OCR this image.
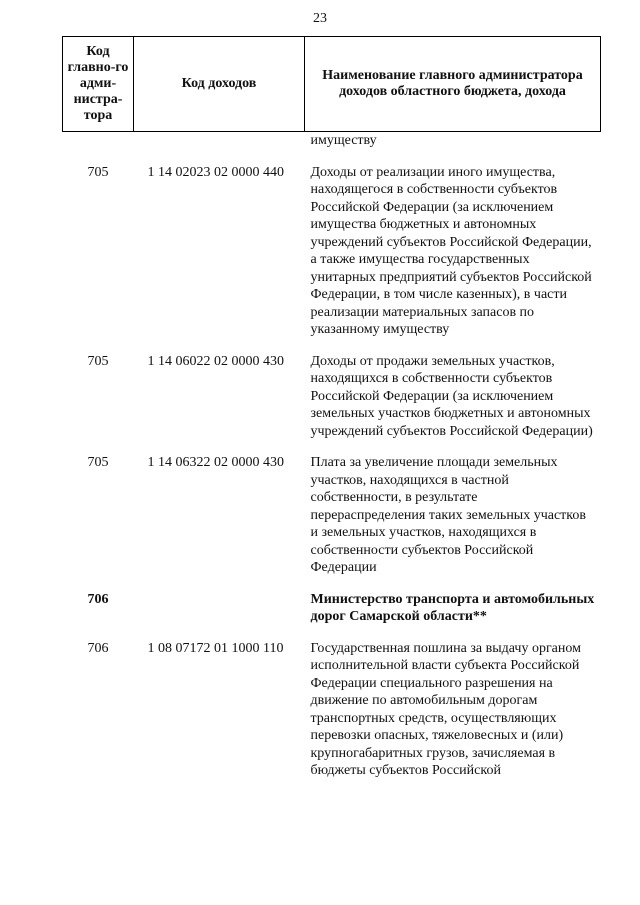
23
Код главно-го адми-нистра-тора	Код доходов	Наименование главного администратора доходов областного бюджета, дохода
		имуществу

705	1 14 02023 02 0000 440	Доходы от реализации иного имущества, находящегося в собственности субъектов Российской Федерации (за исключением имущества бюджетных и автономных учреждений субъектов Российской Федерации, а также имущества государственных унитарных предприятий субъектов Российской Федерации, в том числе казенных), в части реализации материальных запасов по указанному имуществу

705	1 14 06022 02 0000 430	Доходы от продажи земельных участков, находящихся в собственности субъектов Российской Федерации (за исключением земельных участков бюджетных и автономных учреждений субъектов Российской Федерации)

705	1 14 06322 02 0000 430	Плата за увеличение площади земельных участков, находящихся в частной собственности, в результате перераспределения таких земельных участков и земельных участков, находящихся в собственности субъектов Российской Федерации

706		Министерство транспорта и автомобильных дорог Самарской области**

706	1 08 07172 01 1000 110	Государственная пошлина за выдачу органом исполнительной власти субъекта Российской Федерации специального разрешения на движение по автомобильным дорогам транспортных средств, осуществляющих перевозки опасных, тяжеловесных и (или) крупногабаритных грузов, зачисляемая в бюджеты субъектов Российской
